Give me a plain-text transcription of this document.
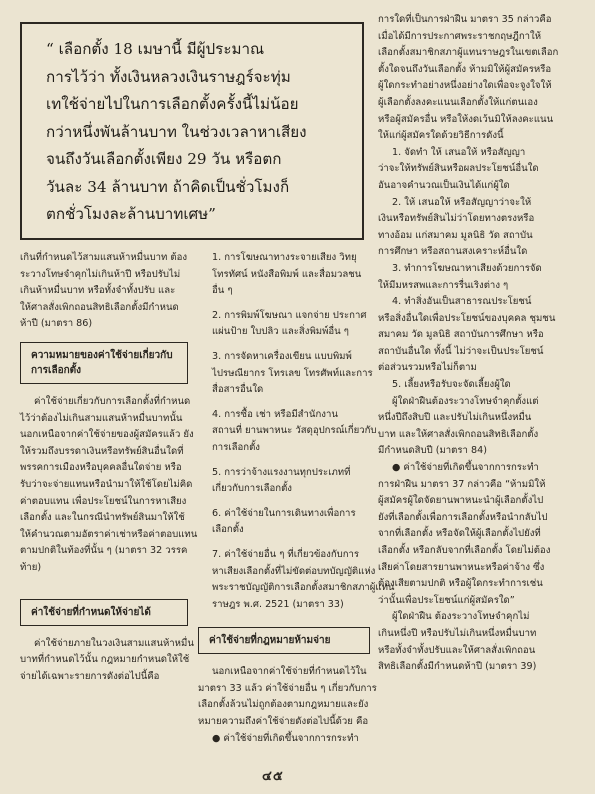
“ เลือกตั้ง 18 เมษานี้ มีผู้ประมาณ
การไว้ว่า ทั้งเงินหลวงเงินราษฎร์จะทุ่ม
เทใช้จ่ายไปในการเลือกตั้งครั้งนี้ไม่น้อย
กว่าหนึ่งพันล้านบาท ในช่วงเวลาหาเสียง
จนถึงวันเลือกตั้งเพียง 29 วัน หรือตก
วันละ 34 ล้านบาท ถ้าคิดเป็นชั่วโมงก็
ตกชั่วโมงละล้านบาทเศษ”

เกินที่กำหนดไว้สามแสนห้าหมื่นบาท ต้อง
ระวางโทษจำคุกไม่เกินห้าปี หรือปรับไม่
เกินห้าหมื่นบาท หรือทั้งจำทั้งปรับ และ
ให้ศาลสั่งเพิกถอนสิทธิเลือกตั้งมีกำหนด
ห้าปี (มาตรา 86)

ความหมายของค่าใช้จ่ายเกี่ยวกับ
การเลือกตั้ง

ค่าใช้จ่ายเกี่ยวกับการเลือกตั้งที่กำหนด
ไว้ว่าต้องไม่เกินสามแสนห้าหมื่นบาทนั้น
นอกเหนือจากค่าใช้จ่ายของผู้สมัครแล้ว ยัง
ให้รวมถึงบรรดาเงินหรือทรัพย์สินอื่นใดที่
พรรคการเมืองหรือบุคคลอื่นใดจ่าย หรือ
รับว่าจะจ่ายแทนหรือนำมาให้ใช้โดยไม่คิด
ค่าตอบแทน เพื่อประโยชน์ในการหาเสียง
เลือกตั้ง และในกรณีนำทรัพย์สินมาให้ใช้
ให้คำนวณตามอัตราค่าเช่าหรือค่าตอบแทน
ตามปกติในท้องที่นั้น ๆ (มาตรา 32 วรรค
ท้าย)

ค่าใช้จ่ายที่กำหนดให้จ่ายได้

ค่าใช้จ่ายภายในวงเงินสามแสนห้าหมื่น
บาทที่กำหนดไว้นั้น กฎหมายกำหนดให้ใช้
จ่ายได้เฉพาะรายการดังต่อไปนี้คือ

1. การโฆษณาทางระจายเสียง วิทยุ
โทรทัศน์ หนังสือพิมพ์ และสื่อมวลชน
อื่น ๆ
2. การพิมพ์โฆษณา แจกจ่าย ประกาศ
แผ่นป้าย ใบปลิว และสิ่งพิมพ์อื่น ๆ
3. การจัดหาเครื่องเขียน แบบพิมพ์
ไปรษณียากร โทรเลข โทรศัพท์และการ
สื่อสารอื่นใด
4. การซื้อ เช่า หรือมีสำนักงาน
สถานที่ ยานพาหนะ วัสดุอุปกรณ์เกี่ยวกับ
การเลือกตั้ง
5. การว่าจ้างแรงงานทุกประเภทที่
เกี่ยวกับการเลือกตั้ง
6. ค่าใช้จ่ายในการเดินทางเพื่อการ
เลือกตั้ง
7. ค่าใช้จ่ายอื่น ๆ ที่เกี่ยวข้องกับการ
หาเสียงเลือกตั้งที่ไม่ขัดต่อบทบัญญัติแห่ง
พระราชบัญญัติการเลือกตั้งสมาชิกสภาผู้แทน
ราษฎร พ.ศ. 2521 (มาตรา 33)

ค่าใช้จ่ายที่กฎหมายห้ามจ่าย

นอกเหนือจากค่าใช้จ่ายที่กำหนดไว้ใน
มาตรา 33 แล้ว ค่าใช้จ่ายอื่น ๆ เกี่ยวกับการ
เลือกตั้งล้วนไม่ถูกต้องตามกฎหมายและยัง
หมายความถึงค่าใช้จ่ายดังต่อไปนี้ด้วย คือ
● ค่าใช้จ่ายที่เกิดขึ้นจากการกระทำ

การใดที่เป็นการฝ่าฝืน มาตรา 35 กล่าวคือ
เมื่อได้มีการประกาศพระราชกฤษฎีกาให้
เลือกตั้งสมาชิกสภาผู้แทนราษฎรในเขตเลือก
ตั้งใดจนถึงวันเลือกตั้ง ห้ามมิให้ผู้สมัครหรือ
ผู้ใดกระทำอย่างหนึ่งอย่างใดเพื่อจะจูงใจให้
ผู้เลือกตั้งลงคะแนนเลือกตั้งให้แก่ตนเอง
หรือผู้สมัครอื่น หรือให้งดเว้นมิให้ลงคะแนน
ให้แก่ผู้สมัครใดด้วยวิธีการดังนี้
1. จัดทำ ให้ เสนอให้ หรือสัญญา
ว่าจะให้ทรัพย์สินหรือผลประโยชน์อื่นใด
อันอาจคำนวณเป็นเงินได้แก่ผู้ใด
2. ให้ เสนอให้ หรือสัญญาว่าจะให้
เงินหรือทรัพย์สินไม่ว่าโดยทางตรงหรือ
ทางอ้อม แก่สมาคม มูลนิธิ วัด สถาบัน
การศึกษา หรือสถานสงเคราะห์อื่นใด
3. ทำการโฆษณาหาเสียงด้วยการจัด
ให้มีมหรสพและการรื่นเริงต่าง ๆ
4. ทำสิ่งอันเป็นสาธารณประโยชน์
หรือสิ่งอื่นใดเพื่อประโยชน์ของบุคคล ชุมชน
สมาคม วัด มูลนิธิ สถาบันการศึกษา หรือ
สถาบันอื่นใด ทั้งนี้ ไม่ว่าจะเป็นประโยชน์
ต่อส่วนรวมหรือไม่ก็ตาม
5. เลี้ยงหรือรับจะจัดเลี้ยงผู้ใด
ผู้ใดฝ่าฝืนต้องระวางโทษจำคุกตั้งแต่
หนึ่งปีถึงสิบปี และปรับไม่เกินหนึ่งหมื่น
บาท และให้ศาลสั่งเพิกถอนสิทธิเลือกตั้ง
มีกำหนดสิบปี (มาตรา 84)
● ค่าใช้จ่ายที่เกิดขึ้นจากการกระทำ
การฝ่าฝืน มาตรา 37 กล่าวคือ “ห้ามมิให้
ผู้สมัครผู้ใดจัดยานพาหนะนำผู้เลือกตั้งไป
ยังที่เลือกตั้งเพื่อการเลือกตั้งหรือนำกลับไป
จากที่เลือกตั้ง หรือจัดให้ผู้เลือกตั้งไปยังที่
เลือกตั้ง หรือกลับจากที่เลือกตั้ง โดยไม่ต้อง
เสียค่าโดยสารยานพาหนะหรือค่าจ้าง ซึ่ง
ต้องเสียตามปกติ หรือผู้ใดกระทำการเช่น
ว่านั้นเพื่อประโยชน์แก่ผู้สมัครใด”
ผู้ใดฝ่าฝืน ต้องระวางโทษจำคุกไม่
เกินหนึ่งปี หรือปรับไม่เกินหนึ่งหมื่นบาท
หรือทั้งจำทั้งปรับและให้ศาลสั่งเพิกถอน
สิทธิเลือกตั้งมีกำหนดห้าปี (มาตรา 39)

๔๕
